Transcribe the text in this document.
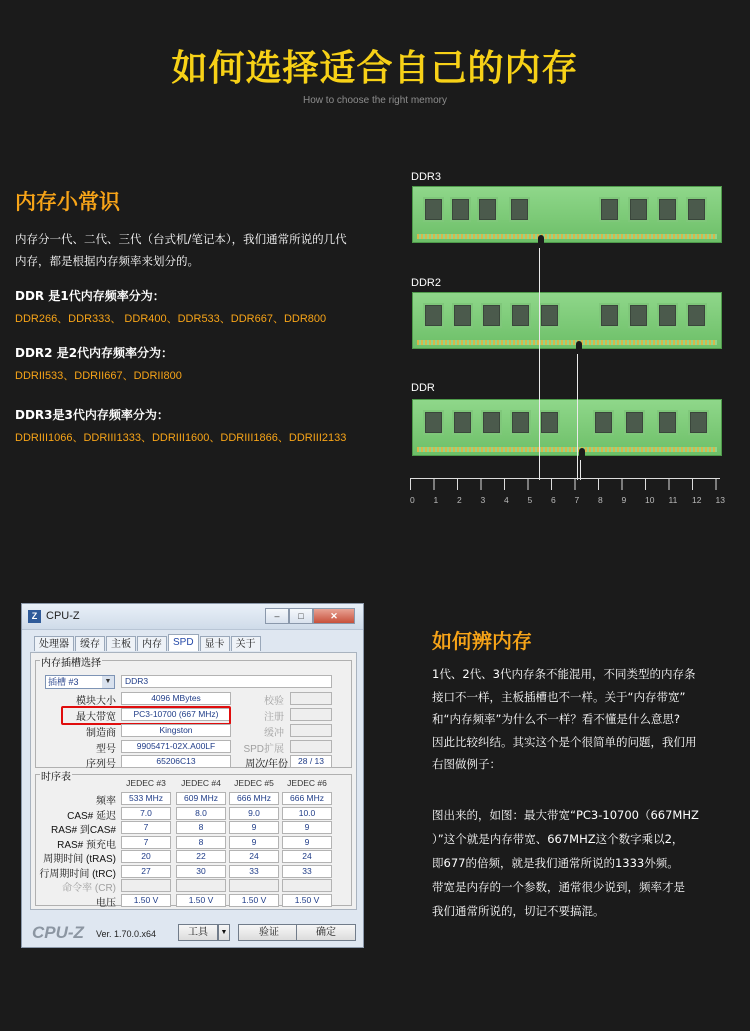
如何选择适合自己的内存
How to choose the right memory
内存小常识
内存分一代、二代、三代（台式机/笔记本），我们通常所说的几代
内存，都是根据内存频率来划分的。
DDR 是1代内存频率分为：
DDR266、DDR333、 DDR400、DDR533、DDR667、DDR800
DDR2 是2代内存频率分为：
DDRII533、DDRII667、DDRII800
DDR3是3代内存频率分为：
DDRIII1066、DDRIII1333、DDRIII1600、DDRIII1866、DDRIII2133
DDR3
DDR2
DDR
0 1 2 3 4 5 6 7 8 9 10 11 12 13
Z CPU-Z	–	□	✕
处理器	缓存	主板	内存	SPD	显卡	关于
内存插槽选择
插槽 #3	▼	DDR3
模块大小	4096 MBytes	校验
最大带宽	PC3-10700 (667 MHz)	注册
制造商	Kingston	缓冲
型号	9905471-02X.A00LF	SPD扩展
序列号	65206C13	周次/年份	28 / 13
时序表	JEDEC #3	JEDEC #4	JEDEC #5	JEDEC #6
频率	533 MHz	609 MHz	666 MHz	666 MHz
CAS# 延迟	7.0	8.0	9.0	10.0
RAS# 到CAS#	7	8	9	9
RAS# 预充电	7	8	9	9
周期时间 (tRAS)	20	22	24	24
行周期时间 (tRC)	27	30	33	33
命令率 (CR)
电压	1.50 V	1.50 V	1.50 V	1.50 V
CPU-Z Ver. 1.70.0.x64	工具	▼	验证	确定
如何辨内存
1代、2代、3代内存条不能混用，不同类型的内存条
接口不一样，主板插槽也不一样。关于“内存带宽”
和“内存频率”为什么不一样？看不懂是什么意思?
因此比较纠结。其实这个是个很简单的问题，我们用
右图做例子：
图出来的，如图：最大带宽“PC3-10700（667MHZ
）”这个就是内存带宽、667MHZ这个数字乘以2，
即677的倍频，就是我们通常所说的1333外频。
带宽是内存的一个参数，通常很少说到，频率才是
我们通常所说的，切记不要搞混。
